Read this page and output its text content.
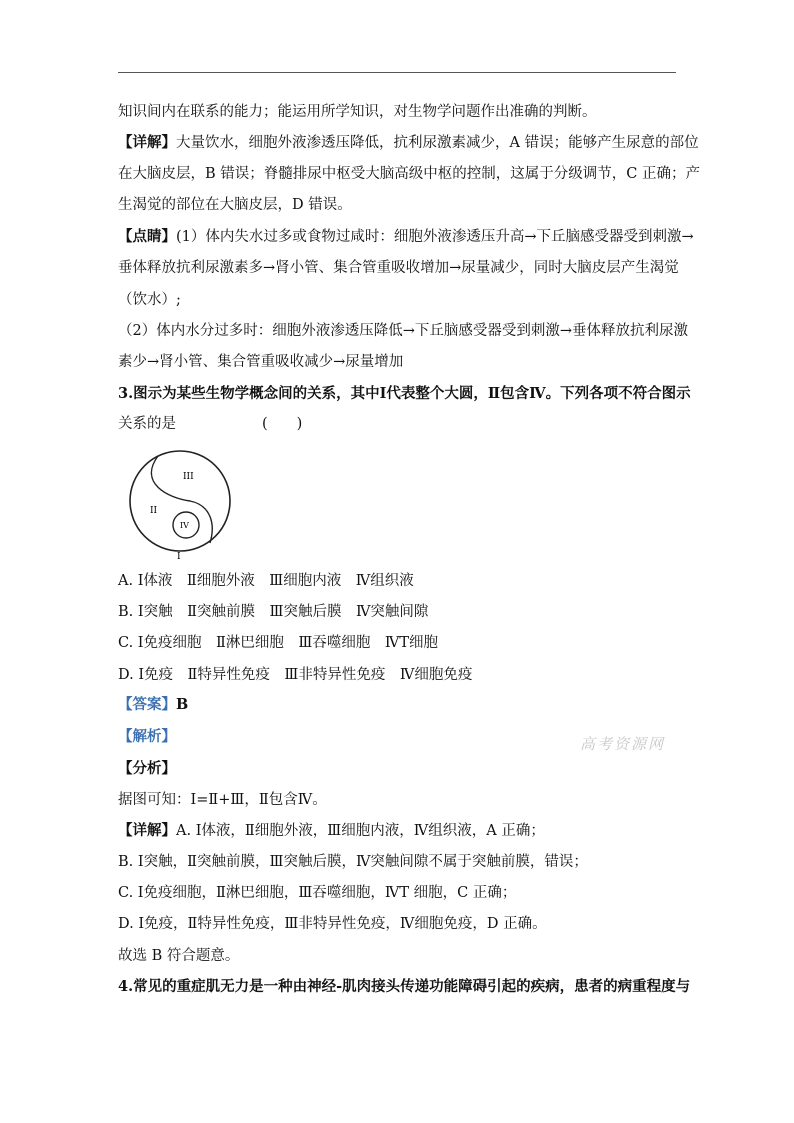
知识间内在联系的能力；能运用所学知识，对生物学问题作出准确的判断。
【详解】大量饮水，细胞外液渗透压降低，抗利尿激素减少，A 错误；能够产生尿意的部位
在大脑皮层，B 错误；脊髓排尿中枢受大脑高级中枢的控制，这属于分级调节，C 正确；产
生渴觉的部位在大脑皮层，D 错误。
【点睛】(1）体内失水过多或食物过咸时：细胞外液渗透压升高→下丘脑感受器受到刺激→
垂体释放抗利尿激素多→肾小管、集合管重吸收增加→尿量减少，同时大脑皮层产生渴觉
（饮水）;
（2）体内水分过多时：细胞外液渗透压降低→下丘脑感受器受到刺激→垂体释放抗利尿激
素少→肾小管、集合管重吸收减少→尿量增加
3.图示为某些生物学概念间的关系，其中Ⅰ代表整个大圆，Ⅱ包含Ⅳ。下列各项不符合图示
关系的是	(　　)
III
II
IV
I
A. Ⅰ体液　Ⅱ细胞外液　Ⅲ细胞内液　Ⅳ组织液
B. Ⅰ突触　Ⅱ突触前膜　Ⅲ突触后膜　Ⅳ突触间隙
C. Ⅰ免疫细胞　Ⅱ淋巴细胞　Ⅲ吞噬细胞　ⅣT细胞
D. Ⅰ免疫　Ⅱ特异性免疫　Ⅲ非特异性免疫　Ⅳ细胞免疫
【答案】B
【解析】	高考资源网
【分析】
据图可知：Ⅰ=Ⅱ+Ⅲ，Ⅱ包含Ⅳ。
【详解】A. Ⅰ体液，Ⅱ细胞外液，Ⅲ细胞内液，Ⅳ组织液，A 正确；
B. Ⅰ突触，Ⅱ突触前膜，Ⅲ突触后膜，Ⅳ突触间隙不属于突触前膜，错误；
C. Ⅰ免疫细胞，Ⅱ淋巴细胞，Ⅲ吞噬细胞，ⅣT 细胞，C 正确；
D. Ⅰ免疫，Ⅱ特异性免疫，Ⅲ非特异性免疫，Ⅳ细胞免疫，D 正确。
故选 B 符合题意。
4.常见的重症肌无力是一种由神经-肌肉接头传递功能障碍引起的疾病，患者的病重程度与
